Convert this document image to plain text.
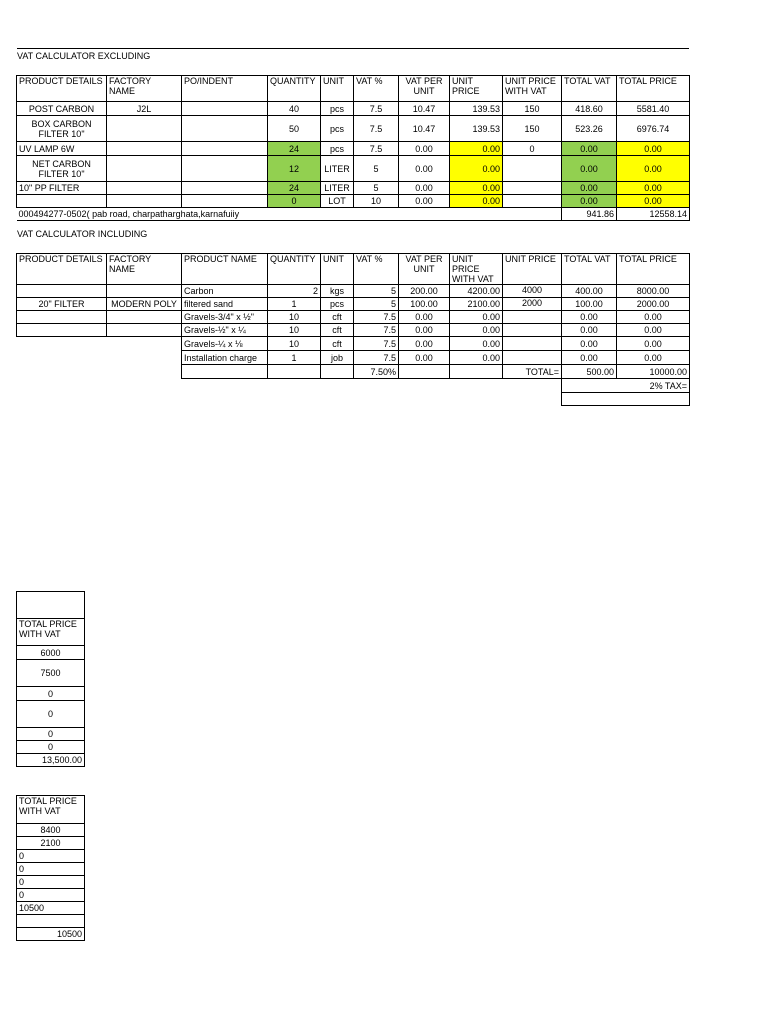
VAT CALCULATOR EXCLUDING
PRODUCT DETAILS	FACTORY NAME	PO/INDENT	QUANTITY	UNIT	VAT %	VAT PER UNIT	UNIT PRICE	UNIT PRICE WITH VAT	TOTAL VAT	TOTAL PRICE
POST CARBON	J2L		40	pcs	7.5	10.47	139.53	150	418.60	5581.40
BOX CARBON FILTER 10"			50	pcs	7.5	10.47	139.53	150	523.26	6976.74
UV LAMP 6W			24	pcs	7.5	0.00	0.00	0	0.00	0.00
NET CARBON FILTER 10"			12	LITER	5	0.00	0.00		0.00	0.00
10" PP FILTER			24	LITER	5	0.00	0.00		0.00	0.00
			0	LOT	10	0.00	0.00		0.00	0.00
000494277-0502( pab road, charpatharghata,karnafuiiy									941.86	12558.14
VAT CALCULATOR INCLUDING
PRODUCT DETAILS	FACTORY NAME	PRODUCT NAME	QUANTITY	UNIT	VAT %	VAT PER UNIT	UNIT PRICE WITH VAT	UNIT PRICE	TOTAL VAT	TOTAL PRICE
		Carbon	2	kgs	5	200.00	4200.00	4000	400.00	8000.00
20" FILTER	MODERN POLY	filtered sand	1	pcs	5	100.00	2100.00	2000	100.00	2000.00
		Gravels-3/4" x ½"	10	cft	7.5	0.00	0.00		0.00	0.00
		Gravels-½" x ¼	10	cft	7.5	0.00	0.00		0.00	0.00
		Gravels-¼ x ⅛	10	cft	7.5	0.00	0.00		0.00	0.00
		Installation charge	1	job	7.5	0.00	0.00		0.00	0.00
					7.50%			TOTAL=	500.00	10000.00
									2% TAX=	

TOTAL PRICE WITH VAT
6000
7500
0
0
0
0
13,500.00
TOTAL PRICE WITH VAT
8400
2100
0
0
0
0
10500

10500
